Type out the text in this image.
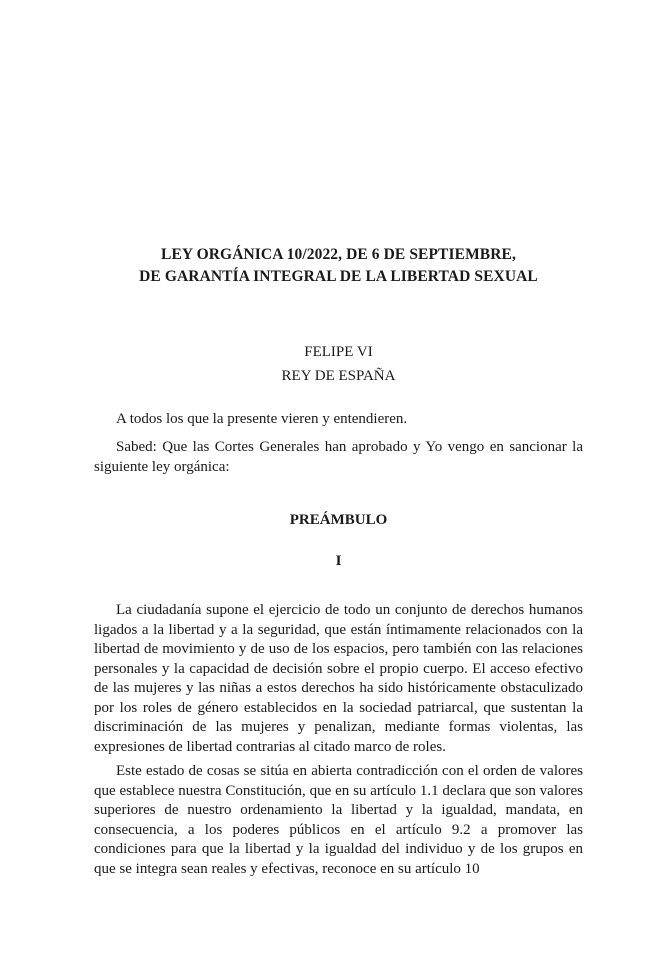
LEY ORGÁNICA 10/2022, DE 6 DE SEPTIEMBRE,
DE GARANTÍA INTEGRAL DE LA LIBERTAD SEXUAL
FELIPE VI
REY DE ESPAÑA

A todos los que la presente vieren y entendieren.

Sabed: Que las Cortes Generales han aprobado y Yo vengo en sancionar la siguiente ley orgánica:

PREÁMBULO
I

La ciudadanía supone el ejercicio de todo un conjunto de derechos humanos ligados a la libertad y a la seguridad, que están íntimamente relacionados con la libertad de movimiento y de uso de los espacios, pero también con las relaciones personales y la capacidad de decisión sobre el propio cuerpo. El acceso efectivo de las mujeres y las niñas a estos derechos ha sido históricamente obstaculizado por los roles de género establecidos en la sociedad patriarcal, que sustentan la discriminación de las mujeres y penalizan, mediante formas violentas, las expresiones de libertad contrarias al citado marco de roles.

Este estado de cosas se sitúa en abierta contradicción con el orden de valores que establece nuestra Constitución, que en su artículo 1.1 declara que son valores superiores de nuestro ordenamiento la libertad y la igualdad, mandata, en consecuencia, a los poderes públicos en el artículo 9.2 a promover las condiciones para que la libertad y la igualdad del individuo y de los grupos en que se integra sean reales y efectivas, reconoce en su artículo 10
